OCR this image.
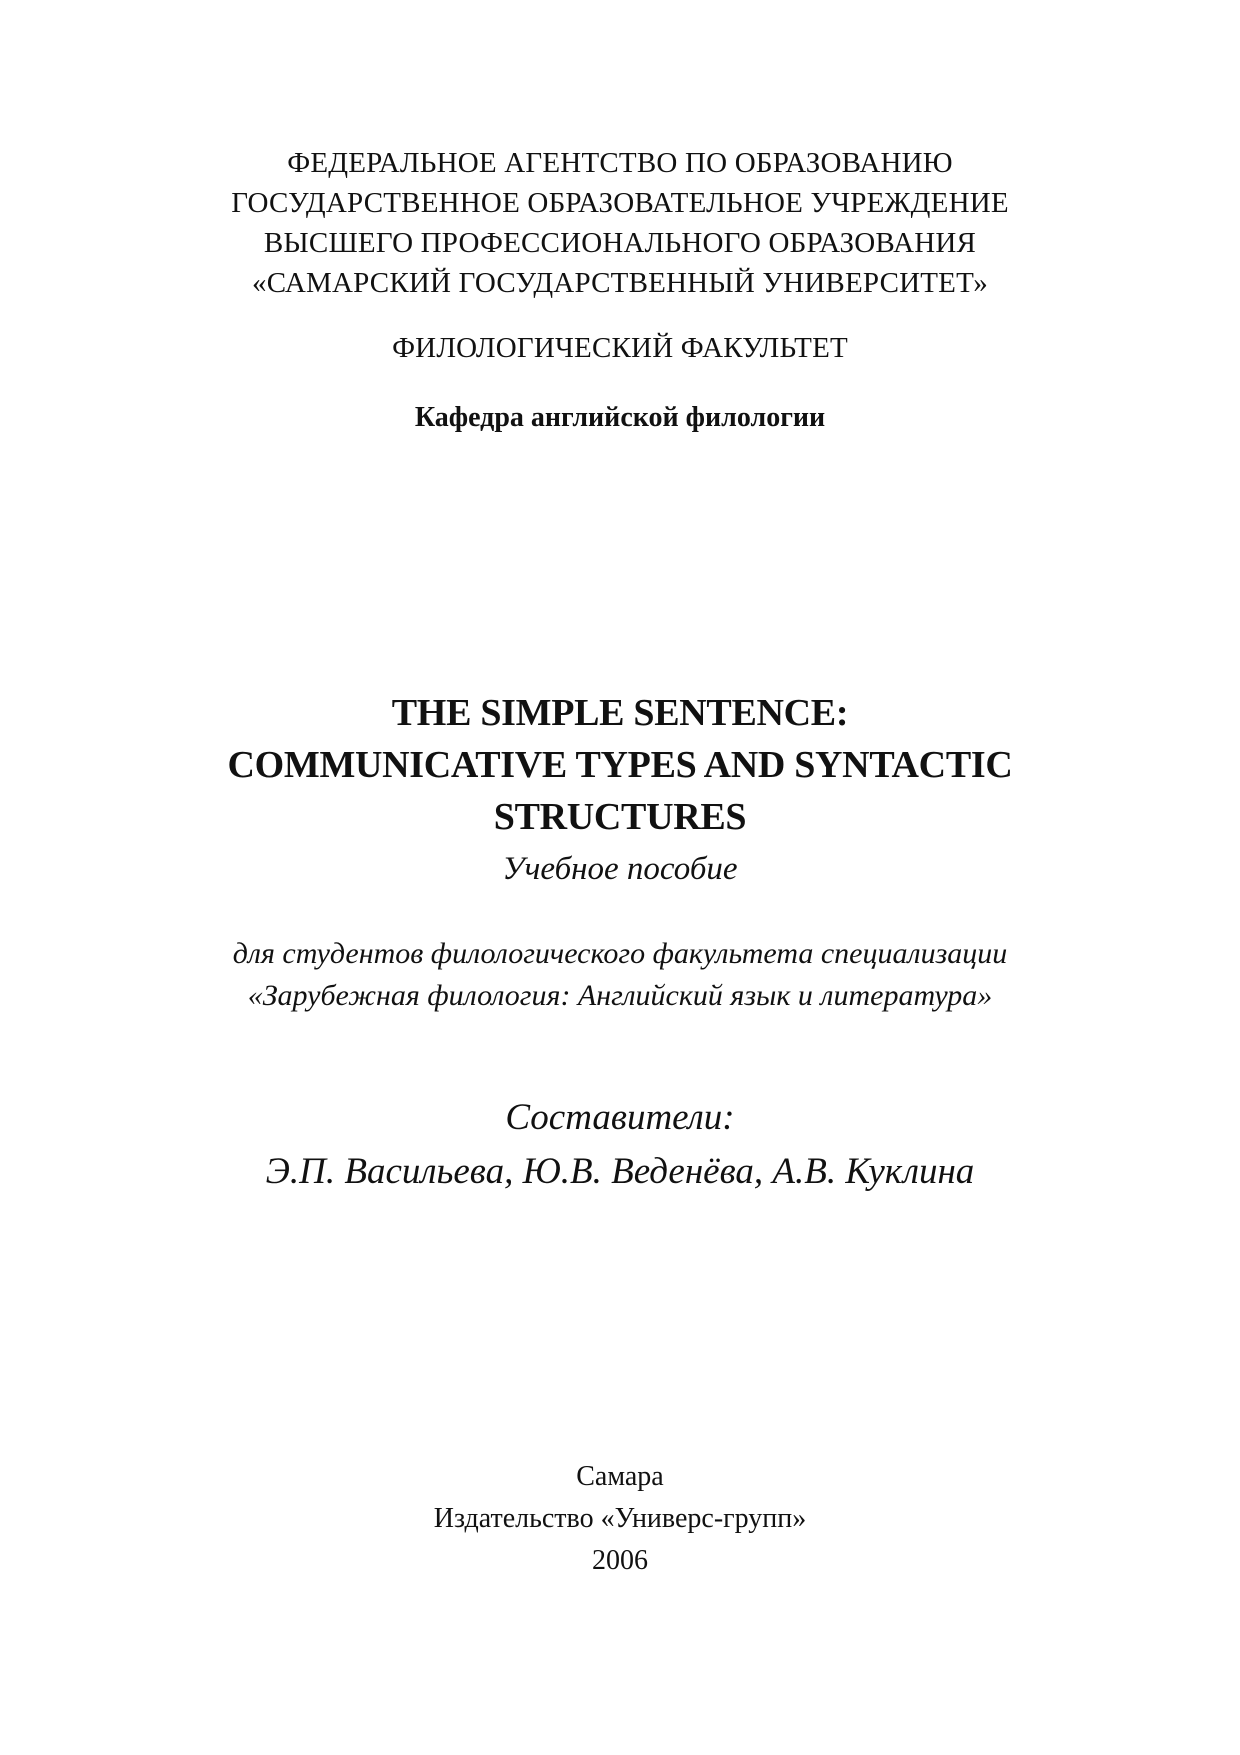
ФЕДЕРАЛЬНОЕ АГЕНТСТВО ПО ОБРАЗОВАНИЮ

ГОСУДАРСТВЕННОЕ ОБРАЗОВАТЕЛЬНОЕ УЧРЕЖДЕНИЕ

ВЫСШЕГО ПРОФЕССИОНАЛЬНОГО ОБРАЗОВАНИЯ

«САМАРСКИЙ ГОСУДАРСТВЕННЫЙ УНИВЕРСИТЕТ»

ФИЛОЛОГИЧЕСКИЙ ФАКУЛЬТЕТ

Кафедра английской филологии

THE SIMPLE SENTENCE:

COMMUNICATIVE TYPES AND SYNTACTIC

STRUCTURES

Учебное пособие

для студентов филологического факультета специализации

«Зарубежная филология: Английский язык и литература»

Составители:

Э.П. Васильева, Ю.В. Веденёва, А.В. Куклина

Самара

Издательство «Универс-групп»

2006
